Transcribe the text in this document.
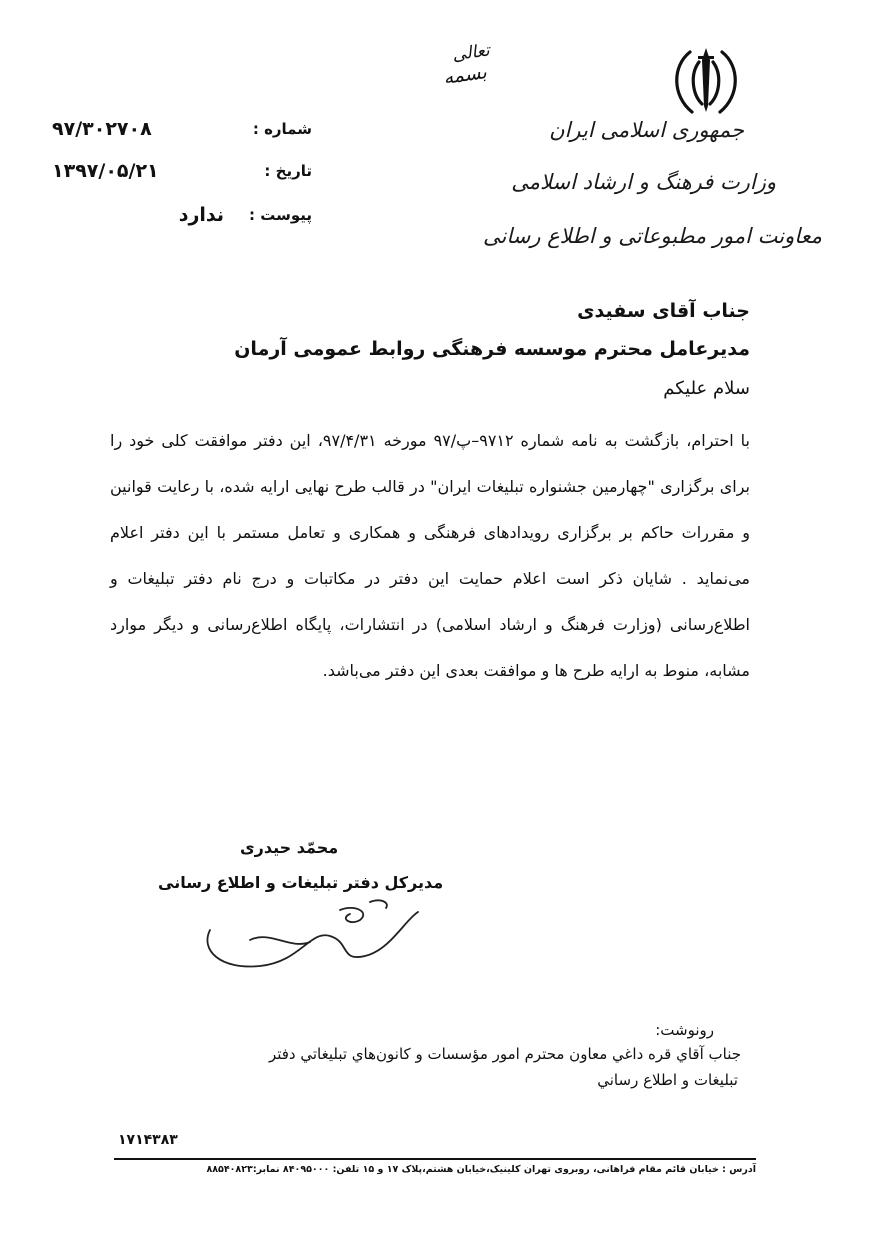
جمهوری اسلامی ایران
وزارت فرهنگ و ارشاد اسلامی
معاونت امور مطبوعاتی و اطلاع رسانی
تعالی
بسمه
شماره :
۹۷/۳۰۲۷۰۸
تاریخ :
۱۳۹۷/۰۵/۲۱
پیوست :
ندارد
جناب آقای سفیدی
مدیرعامل محترم موسسه فرهنگی روابط عمومی آرمان
سلام علیکم
با احترام، بازگشت به نامه شماره ۹۷۱۲–پ/۹۷ مورخه ۹۷/۴/۳۱، این دفتر موافقت کلی خود را برای برگزاری "چهارمین جشنواره تبلیغات ایران" در قالب طرح نهایی ارایه شده، با رعایت قوانین و مقررات حاکم بر برگزاری رویدادهای فرهنگی و همکاری و تعامل مستمر با این دفتر اعلام می‌نماید . شایان ذکر است اعلام حمایت این دفتر در مکاتبات و درج نام دفتر تبلیغات و اطلاع‌رسانی (وزارت فرهنگ و ارشاد اسلامی) در انتشارات، پایگاه اطلاع‌رسانی و دیگر موارد مشابه، منوط به ارایه طرح ها و موافقت بعدی این دفتر می‌باشد.
محمّد حیدری
مدیرکل دفتر تبلیغات و اطلاع رسانی
رونوشت:
جناب آقاي قره داغي معاون محترم امور مؤسسات و كانون‌هاي تبليغاتي دفتر
تبليغات و اطلاع رساني
۱۷۱۴۳۸۳
آدرس : خیابان قائم مقام فراهانی، روبروی تهران کلینیک،خیابان هشتم،پلاک ۱۷ و ۱۵ تلفن: ۸۴۰۹۵۰۰۰ نمابر:۸۸۵۴۰۸۲۳
